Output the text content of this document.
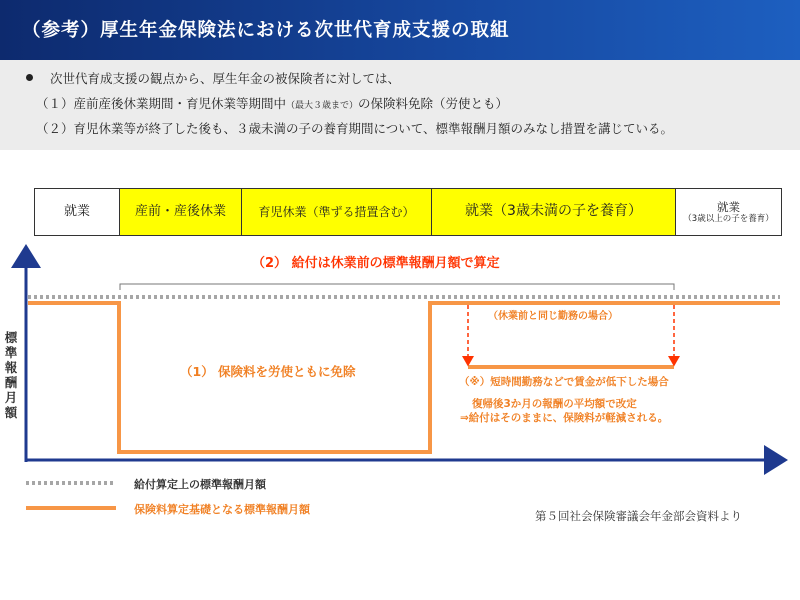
（参考）厚生年金保険法における次世代育成支援の取組
次世代育成支援の観点から、厚生年金の被保険者に対しては、
（１）産前産後休業期間・育児休業等期間中（最大３歳まで）の保険料免除（労使とも）
（２）育児休業等が終了した後も、３歳未満の子の養育期間について、標準報酬月額のみなし措置を講じている。
就業	産前・産後休業	育児休業（準ずる措置含む）	就業（3歳未満の子を養育）	就業
（3歳以上の子を養育）
標準報酬月額
（2） 給付は休業前の標準報酬月額で算定
（1） 保険料を労使ともに免除
（休業前と同じ勤務の場合）
（※）短時間勤務などで賃金が低下した場合
復帰後3か月の報酬の平均額で改定
⇒給付はそのままに、保険料が軽減される。
給付算定上の標準報酬月額
保険料算定基礎となる標準報酬月額	第５回社会保険審議会年金部会資料より
